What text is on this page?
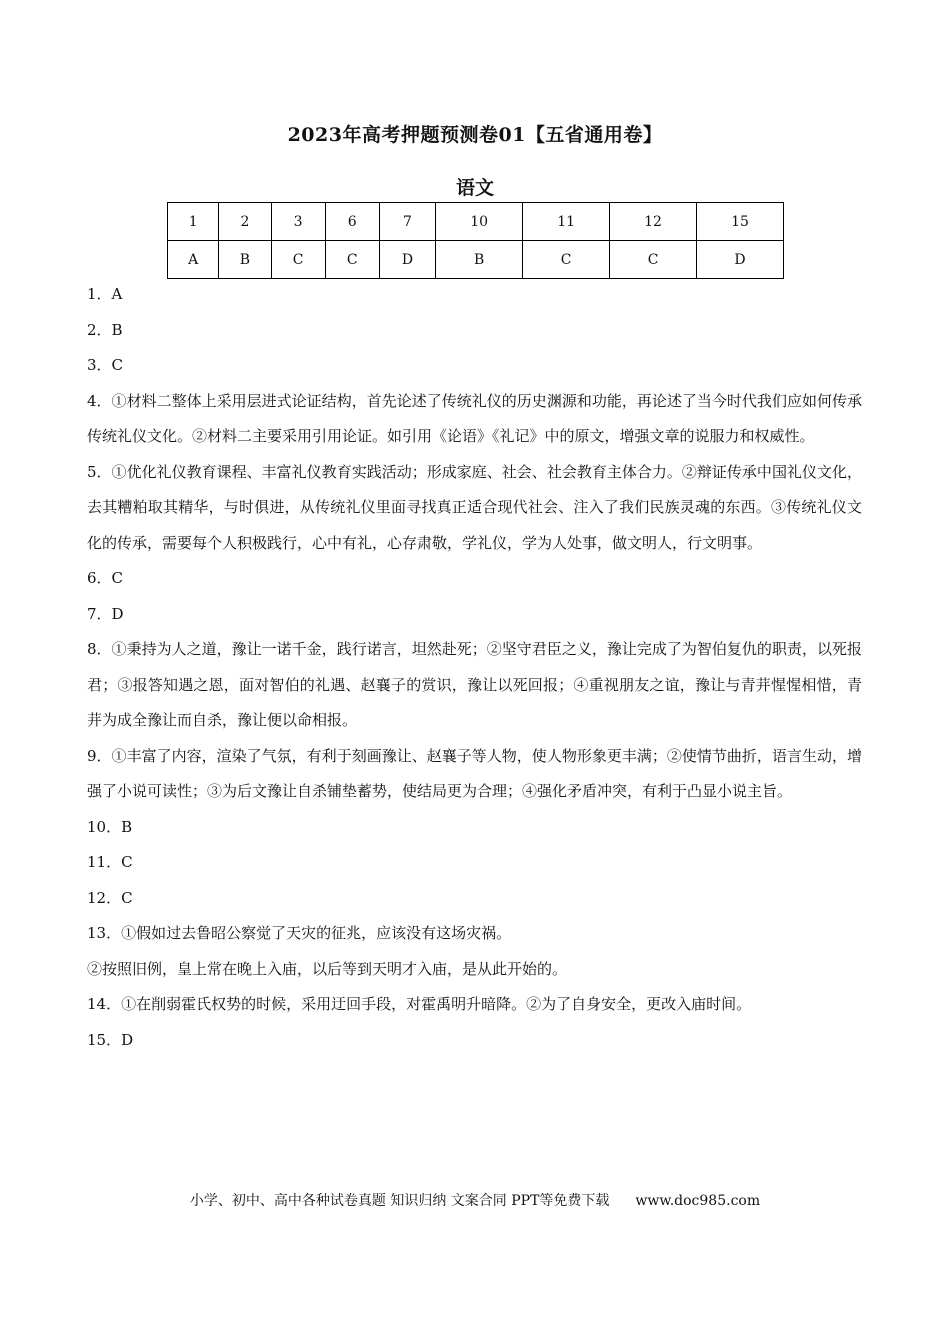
2023年高考押题预测卷01【五省通用卷】
语文
1	2	3	6	7	10	11	12	15
A	B	C	C	D	B	C	C	D
1．A
2．B
3．C
4．①材料二整体上采用层进式论证结构，首先论述了传统礼仪的历史渊源和功能，再论述了当今时代我们应如何传承传统礼仪文化。②材料二主要采用引用论证。如引用《论语》《礼记》中的原文，增强文章的说服力和权威性。
5．①优化礼仪教育课程、丰富礼仪教育实践活动；形成家庭、社会、社会教育主体合力。②辩证传承中国礼仪文化，去其糟粕取其精华，与时俱进，从传统礼仪里面寻找真正适合现代社会、注入了我们民族灵魂的东西。③传统礼仪文化的传承，需要每个人积极践行，心中有礼，心存肃敬，学礼仪，学为人处事，做文明人，行文明事。
6．C
7．D
8．①秉持为人之道，豫让一诺千金，践行诺言，坦然赴死；②坚守君臣之义，豫让完成了为智伯复仇的职责，以死报君；③报答知遇之恩，面对智伯的礼遇、赵襄子的赏识，豫让以死回报；④重视朋友之谊，豫让与青茾惺惺相惜，青茾为成全豫让而自杀，豫让便以命相报。
9．①丰富了内容，渲染了气氛，有利于刻画豫让、赵襄子等人物，使人物形象更丰满；②使情节曲折，语言生动，增强了小说可读性；③为后文豫让自杀铺垫蓄势，使结局更为合理；④强化矛盾冲突，有利于凸显小说主旨。
10．B
11．C
12．C
13．①假如过去鲁昭公察觉了天灾的征兆，应该没有这场灾祸。
②按照旧例，皇上常在晚上入庙，以后等到天明才入庙，是从此开始的。
14．①在削弱霍氏权势的时候，采用迂回手段，对霍禹明升暗降。②为了自身安全，更改入庙时间。
15．D
小学、初中、高中各种试卷真题 知识归纳 文案合同 PPT等免费下载 www.doc985.com
